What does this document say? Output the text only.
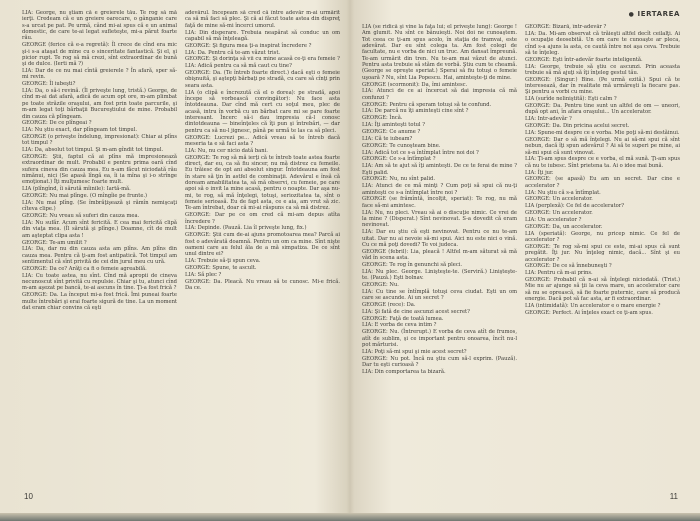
LIA: George, nu ştiam că e greierele tău. Te rog să mă ierţi. Credeam că e un greiere oarecare, o gânganie care s-a urcat pe pat. Pe urmă, când mi-ai spus că e un animal domestic, de care te-ai legat sufleteşte, mi-a părut foarte rău.

GEORGE (ferice că e-a regretă): Îl crece de cînd era mic şi-i s-a ataşat de mine cu o sinceritate fantastică. Şi el, şi picior rupt. Te rog să mă crezi, sînt extraordinar de bună şi de dulce. (Ierti mă ?)

LIA: Dar de ce nu mai cîntă greierele ? În afară, sper să-mi revin.

GEORGE: Îl iubeşti?

LIA: Da, o să-i revină. (Îl priveşte lung, tristă.) George, de cînd m-ai dat afară, adică de acum opt ore, m-am plimbat pe toate străzile oraşului, am fost prin toate parcurile, şi m-am legat toţi bărbaţii Bucureştiului de mine. Probabil din cauza că plîngeam.

GEORGE: De ce plîngeai ?

LIA: Nu ştiu exact, dar plîngeam tot timpul.

GEORGE (o priveşte îndelung, impresionat): Chiar ai plîns tot timpul ?

LIA: Da, absolut tot timpul. Şi m-am gîndit tot timpul.

GEORGE: Ştii, faptul că ai plîns mă impresionează extraordinar de mult. Probabil e pentru prima oară cînd sufera cineva din cauza mea. Eu n-am făcut niciodată rău nimănui, nici (Se apasă lîngă ea, îi ia mîna şi i-o strînge emoţionat.) Îţi mulţumesc foarte mult.

LIA (plîngînd, îi sărută mîinile): Iartă-mă.

GEORGE: Nu mai plînge. (O mîngîie pe frunte.)

LIA: Nu mai plîng. (Se îmbrăţişează şi rămîn nemişcaţi cîteva clipe.)

GEORGE: Nu vreau să suferi din cauza mea.

LIA: Nu sufăr. Acum sînt fericită. E cea mai fericită clipă din viaţa mea. (Îl sărută şi plînge.) Doamne, cît de mult am aşteptat clipa asta !

GEORGE: Te-am umilit ?

LIA: Da, dar nu din cauza asta am plîns. Am plîns din cauza mea. Pentru că ţi-am fost antipatică. Tot timpul am sentimentul că sînt privită de cei din jurul meu cu ură.

GEORGE: Da ce? Arăţi ca fi o femeie agreabilă.

LIA: Cu toate astea, nu sînt. Cînd mă apropii de cineva necunoscut sînt privită cu repulsie. Chiar şi tu, atunci cînd m-am aşezat pe bancă, te-ai ascuns în tine. Ţi-a fost frică ?

GEORGE: Da. La început mi-a fost frică. Îmi puneai foarte multe întrebări şi erai foarte sigură de tine. La un moment dat eram chiar convins că eşti

adevărul. Începeam să cred că între adevăr m-ai urmărit ca să mă faci să plec. Şi că ai făcut toate astea din dispreţ faţă de mine să-mi încerci umorul.

LIA: Din disperare. Trebuia neapărat să conduc un om capabil să mă înţeleagă.

GEORGE: Şi figura mea ţi-a inspirat încredere ?

LIA: Da. Pentru că te-am văzut trist.

GEORGE: Şi dorinţa să vii cu mine acasă ce-ţi era femeie ?

LIA: Adică pentru ca să mă caut cu tine?

GEORGE: Da. (Te întreb foarte direct.) dacă eşti o femeie obişnuită, şi aştepţi bărbaţi pe stradă, cu care să cînţi prin seara asta.

LIA (o clipă e încrezută că el o dorea): pe stradă, apoi începe să vorbească convingător): Nu face asta întotdeauna. Dar cînd mă cert cu soţul meu, plec de acasă, intru în vorbă cu un bărbat care mi se pare foarte interesant. Încerc să-i dau impresia că-l conosc dintotdeauna — bineînţeles că îţi pun şi întrebări, — dar pentru ca să nu-l jignesc, până pe urmă te las ca să pleci.

GEORGE: Lucrezi pe... Adică vreau să te întreb dacă meseria ta e să faci asta ?

LIA: Nu, nu cer nicio dată bani.

GEORGE: Te rog să mă ierţi că te întreb toate astea foarte direct, dar eu, ca să fiu sincer, nu mă distrez cu femeile. Eu trăiesc de opt ani absolut singur. Întotdeauna am fost în stare să ţin în astfel de combinaţii. Adevărul e însă că doream amabilitatea ta, să mă observi, cu femeie, pe care apoi să o invit la mine acasă, pentru o noapte. Dar aşa nu-mi, te rog, să mă înţelegi, totuşi, seriozitatea ta, sînt o femeie serioasă. Eu de fapt asta, ce e aia, am vrut să zic. Te-am întrebat, doar că mi-ai răspuns ca să mă distrez.

GEORGE: Dar pe ce om cred că mi-am depus atîta încredere ?

LIA: Depinde. (Pauză. Lia îl priveşte lung, fix.)

GEORGE: Ştii cum de-ai ajuns promotoarea mea? Parcă ai fost o adevărată doamnă. Pentru un om ca mine. Sînt nişte oameni care au felul ăla de a mă simpatiza. De ce sînt unul dintre ei?

LIA: Trebuie să-ţi spun ceva.

GEORGE: Spune, te ascult.

LIA: Să plec ?

GEORGE: Da. Pleacă. Nu vreau să te cunosc. Mi-e frică. Da ce.

10
● IERTAREA

LIA (se ridică şi vine la faţa lui; el priveşte lung): George ! Am glumit. Nu sînt ce bănuieşti. Noi doi ne cunoaştem. Tot ceea ce ţi-am spus acolo, în staţia de tramvai, este adevărat. Dar eu sînt colega ta. Am fost colegi de facultate, nu e vorba de nici un truc. Am dansat împreună. Te-am urmărit din tren. Nu te-am mai văzut de atunci. Pentru asta trebuie să stăm de vorbă. Ştiu cum te cheamă. (George se opreşte speriat.) Sperai să fiu totuşi o femeie uşoară ? Nu, sînt Lia Popescu. Hai, aminteşte-ţi de mine.

GEORGE (scormonit): Da, îmi amintesc.

LIA: Atunci de ce ai încercat să dai impresia că mă confunzi ?

GEORGE: Pentru că speram totuşi să te confund.

LIA: De parcă nu îţi aminteşti cine sînt ?

GEORGE: Încă.

LIA: Îţi aminteşti totul ?

GEORGE: Ce anume ?

LIA: Că te iubeam?

GEORGE: Te cunoşteam bine.

LIA: Adică tot ce s-a întîmplat între noi doi ?

GEORGE: Ce s-a întîmplat ?

LIA: Am să te ajut să îţi aminteşti. De ce te ferai de mine ? Eşti palid.

GEORGE: Nu, nu sînt palid.

LIA: Atunci de ce mă minţi ? Cum poţi să spui că nu-ţi aminteşti ce s-a întîmplat între noi ?

GEORGE (se frămîntă, încolţit, speriat): Te rog, nu mă face să-mi amintesc.

LIA: Nu, nu pleci. Vreau să ai o discuţie nimic. Ce vrei de la mine ? (Disperat.) Sînt nevinovat. S-a dovedit că eram nevinovat.

LIA: Dar eu ştiu că eşti nevinovat. Pentru ce nu te-am uitat. Dar nu ai nevoie să-mi spui. Aici nu este nici o vină. Cu ce mă poţi dovedi? Te voi judeca.

GEORGE (febril): Lia, pleacă ! Altfel m-am săturat să mă văd în scena asta.

GEORGE: Te rog în genunchi să pleci.

LIA: Nu plec. George. Linişteşte-te. (Serviră.) Linişteşte-te. (Pauză.) Eşti bolnav.

GEORGE: Nu.

LIA: Cu tine se întîmplă totuşi ceva ciudat. Eşti un om care se ascunde. Ai un secret ?

GEORGE (rece): Da.

LIA: Şi fată de cine ascunzi acest secret?

GEORGE: Faţă de toată lumea.

LIA: E vorba de ceva intim ?

GEORGE: Nu. (Întrerupt.) E vorba de ceva atît de frumos, atît de sublim, şi ce important pentru onoarea, încît nu-l pot mărturisi.

LIA: Poţi să-mi spui şi mie acest secret?

GEORGE: Nu pot. Încă nu ştiu cum să-l exprim. (Pauză). Dar tu eşti curioasă ?

LIA: Din comportarea ta bizară.

GEORGE: Bizară, într-adevăr ?

LIA: Da. Mi-am observat că trăieşti altfel decît ceilalţi. Ai o ocupaţie deosebită. Un om care te cunoaşte ar pleca, cînd s-a ajuns la asta, ce caută între noi aşa ceva. Trebuie să te înţeleg.

GEORGE: Eşti într-adevăr foarte inteligentă.

LIA: George, trebuie să ştiu ce ascunzi. Prin aceasta trebuie să mă ajuţi să îţi înţeleg gestul tău.

GEORGE: (Singur.) Bine. (Pe urmă ezită.) Spui că te interesează, dar în realitate mă urmăreşti la fiecare pas. Şi pentru a vorbi cu mine.

LIA (surîde neliniştită): Eşti calm ?

GEORGE: Da. Pentru tine sunt un altfel de om — uneori, după opt ani, în afara oraşului... Un accelerator.

LIA: Intr-adevăr ?

GEORGE: Da. Din pricina acelui secret.

LIA: Spune-mi despre ce e vorba. Mie poţi să-mi destăinui.

GEORGE: Dar o să mă înţelegi. Nu ai să-mi spui că sînt nebun, dacă îţi spun adevărul ? Ai să te superi pe mine, ai să-mi spui că sunt vinovat.

LIA: Ţi-am spus despre ce e vorba, el mă sună. Ţi-am spus că nu te iubesc. Sînt prietena ta. Ai o idee mai bună.

LIA: Îţi jur.

GEORGE: (se apasă) Eu am un secret. Dar cine e accelerator ?

LIA: Nu ştiu că s-a întîmplat.

GEORGE: Un accelerator.

LIA (perplexă): Ce fel de accelerator?

GEORGE: Un accelerator.

LIA: Un accelerator ?

GEORGE: Da, un accelerator.

LIA (speriată): George, nu pricep nimic. Ce fel de accelerator ?

GEORGE: Te rog să-mi spui ce este, mi-ai spus că sunt pregătit. Îţi jur. Nu înţeleg nimic, dacă... Sînt şi eu accelerator ?

GEORGE: De ce să înnebuneşti ?

LIA: Pentru că m-ai prins.

GEORGE: Probabil că n-ai să înţelegi niciodată. (Trist.) Mie nu ar ajunge să ţii la ceva mare, un accelerator care să nu se oprească, să fie foarte puternic, care să producă energie. Dacă pot să fac asta, ar fi extraordinar.

LIA (intimidată): Un accelerator e o mare energie ?

GEORGE: Perfect. Ai înţeles exact ce ţi-am spus.

11
